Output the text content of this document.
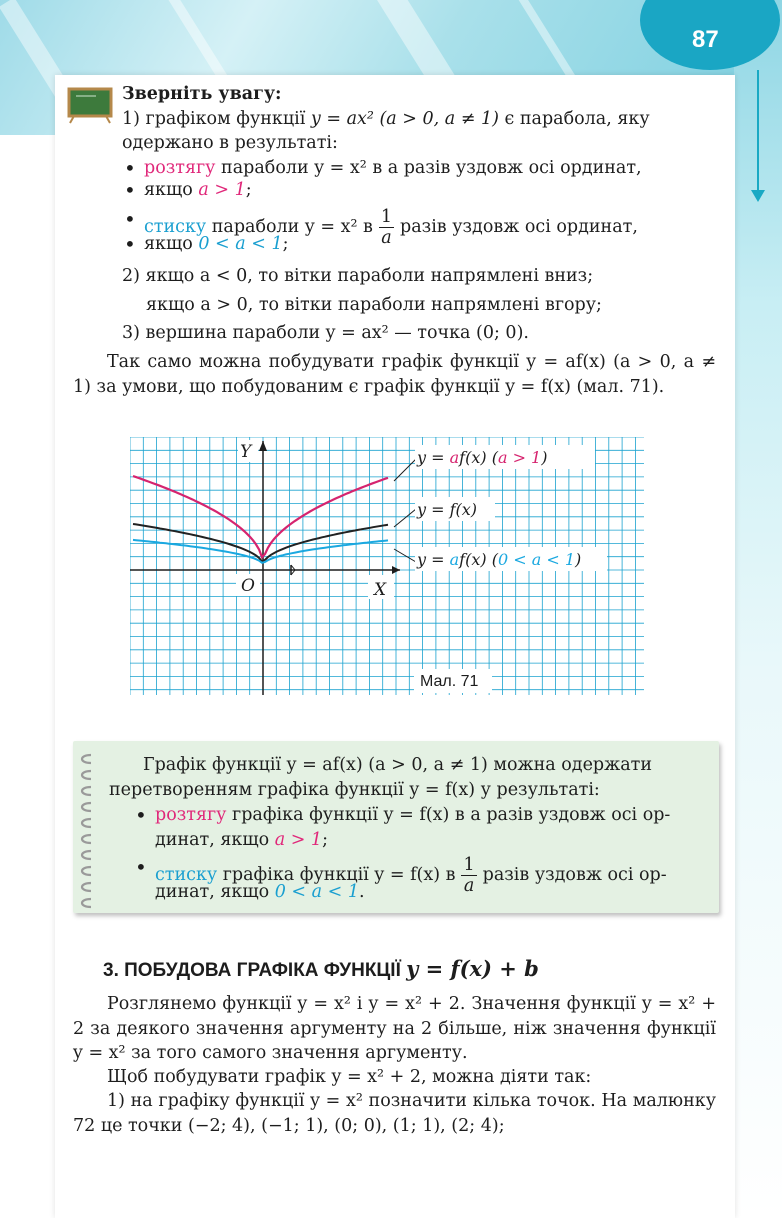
87
Зверніть увагу:
1) графіком функції y = ax² (a > 0, a ≠ 1) є парабола, яку
одержано в результаті:
• розтягу параболи y = x² в a разів уздовж осі ординат,
• якщо a > 1;
• стиску параболи y = x² в $\frac{1}{a}$ разів уздовж осі ординат,
• якщо 0 < a < 1;
2) якщо a < 0, то вітки параболи напрямлені вниз;
якщо a > 0, то вітки параболи напрямлені вгору;
3) вершина параболи y = ax² — точка (0; 0).
Так само можна побудувати графік функції y = af(x) (a > 0, a ≠ 1) за умови, що побудованим є графік функції y = f(x) (мал. 71).
y = af(x) (a > 1)
y = f(x)
y = af(x) (0 < a < 1)
Y
X
O
Мал. 71
Графік функції y = af(x) (a > 0, a ≠ 1) можна одержати
перетворенням графіка функції y = f(x) у результаті:
• розтягу графіка функції y = f(x) в a разів уздовж осі ор-
динат, якщо a > 1;
• стиску графіка функції y = f(x) в $\frac{1}{a}$ разів уздовж осі ор-
динат, якщо 0 < a < 1.
3. ПОБУДОВА ГРАФІКА ФУНКЦІЇ y = f(x) + b
Розглянемо функції y = x² і y = x² + 2. Значення функції y = x² + 2 за деякого значення аргументу на 2 більше, ніж значення функції y = x² за того самого значення аргументу.
Щоб побудувати графік y = x² + 2, можна діяти так:
1) на графіку функції y = x² позначити кілька точок. На малюнку 72 це точки (−2; 4), (−1; 1), (0; 0), (1; 1), (2; 4);
